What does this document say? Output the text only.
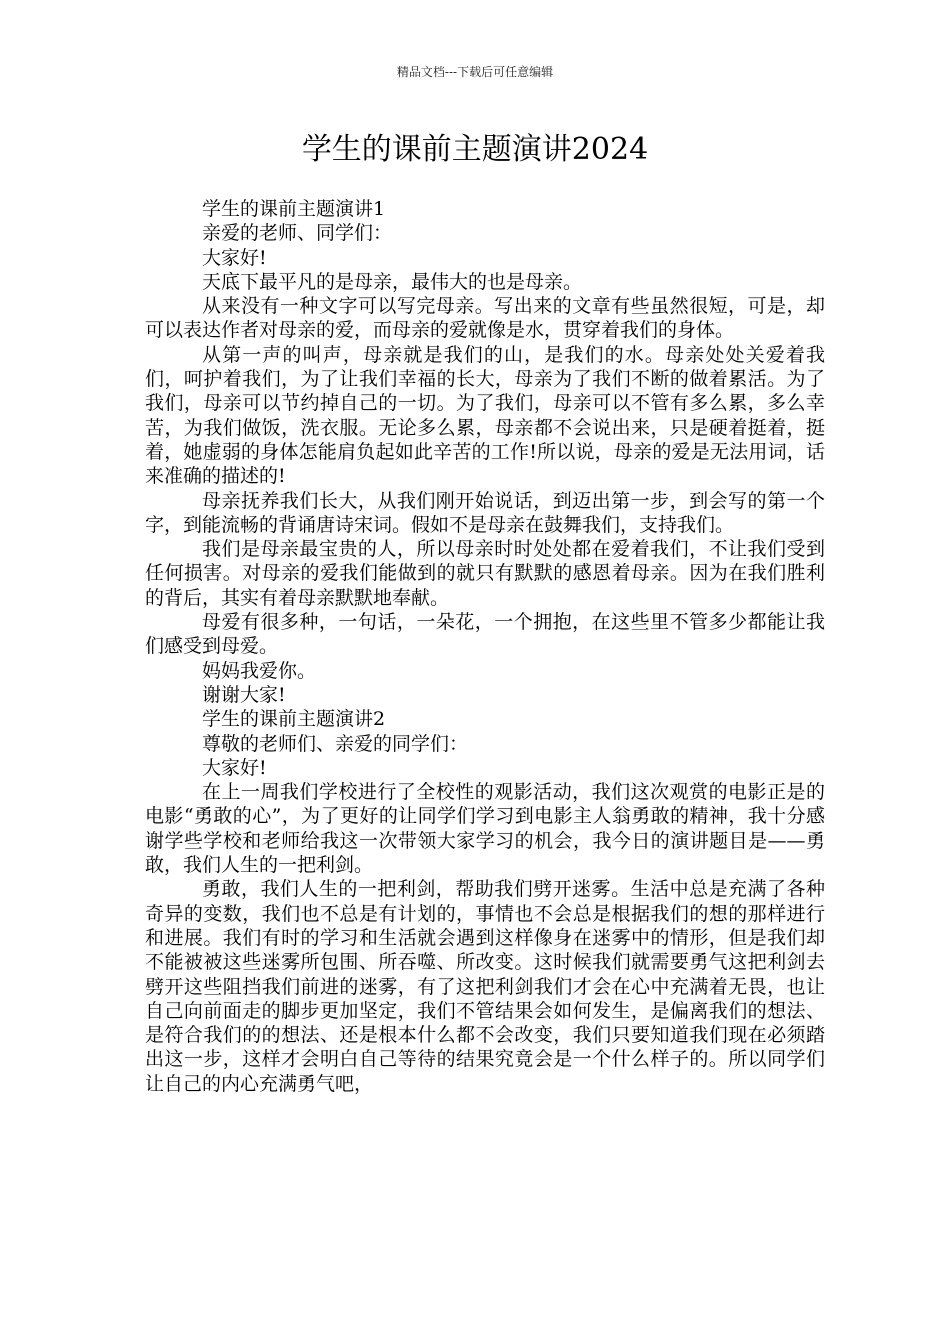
精品文档---下载后可任意编辑
学生的课前主题演讲2024

学生的课前主题演讲1

亲爱的老师、同学们：

大家好!

天底下最平凡的是母亲，最伟大的也是母亲。

从来没有一种文字可以写完母亲。写出来的文章有些虽然很短，可是，却可以表达作者对母亲的爱，而母亲的爱就像是水，贯穿着我们的身体。

从第一声的叫声，母亲就是我们的山，是我们的水。母亲处处关爱着我们，呵护着我们，为了让我们幸福的长大，母亲为了我们不断的做着累活。为了我们，母亲可以节约掉自己的一切。为了我们，母亲可以不管有多么累，多么幸苦，为我们做饭，洗衣服。无论多么累，母亲都不会说出来，只是硬着挺着，挺着，她虚弱的身体怎能肩负起如此辛苦的工作!所以说，母亲的爱是无法用词，话来准确的描述的!

母亲抚养我们长大，从我们刚开始说话，到迈出第一步，到会写的第一个字，到能流畅的背诵唐诗宋词。假如不是母亲在鼓舞我们，支持我们。

我们是母亲最宝贵的人，所以母亲时时处处都在爱着我们，不让我们受到任何损害。对母亲的爱我们能做到的就只有默默的感恩着母亲。因为在我们胜利的背后，其实有着母亲默默地奉献。

母爱有很多种，一句话，一朵花，一个拥抱，在这些里不管多少都能让我们感受到母爱。

妈妈我爱你。

谢谢大家!

学生的课前主题演讲2

尊敬的老师们、亲爱的同学们：

大家好!

在上一周我们学校进行了全校性的观影活动，我们这次观赏的电影正是的电影“勇敢的心”，为了更好的让同学们学习到电影主人翁勇敢的精神，我十分感谢学些学校和老师给我这一次带领大家学习的机会，我今日的演讲题目是——勇敢，我们人生的一把利剑。

勇敢，我们人生的一把利剑，帮助我们劈开迷雾。生活中总是充满了各种奇异的变数，我们也不总是有计划的，事情也不会总是根据我们的想的那样进行和进展。我们有时的学习和生活就会遇到这样像身在迷雾中的情形，但是我们却不能被被这些迷雾所包围、所吞噬、所改变。这时候我们就需要勇气这把利剑去劈开这些阻挡我们前进的迷雾，有了这把利剑我们才会在心中充满着无畏，也让自己向前面走的脚步更加坚定，我们不管结果会如何发生，是偏离我们的想法、是符合我们的的想法、还是根本什么都不会改变，我们只要知道我们现在必须踏出这一步，这样才会明白自己等待的结果究竟会是一个什么样子的。所以同学们让自己的内心充满勇气吧，
